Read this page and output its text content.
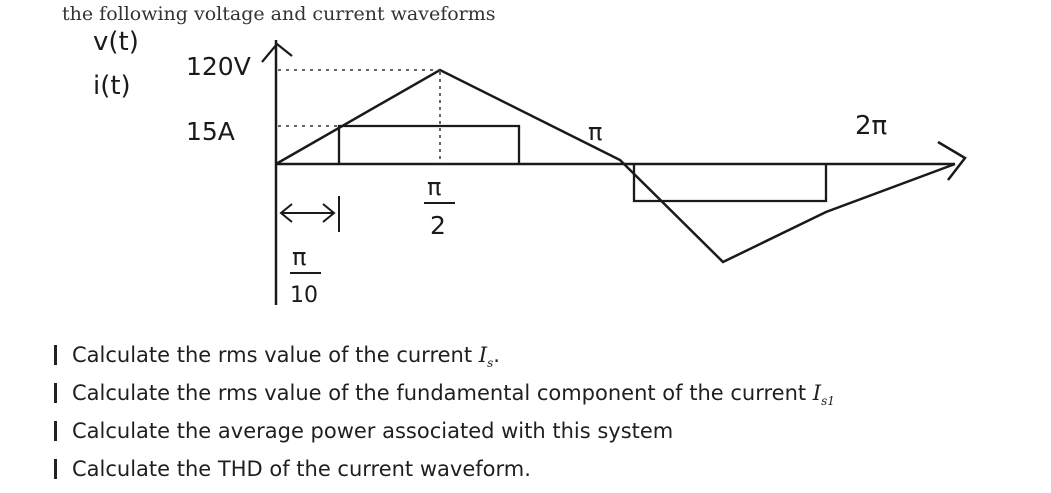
the following voltage and current waveforms
v(t)
i(t)
120V
15A
π
2
π
10
π	2π
Calculate the rms value of the current $I_s$.
Calculate the rms value of the fundamental component of the current $I_{s1}$
Calculate the average power associated with this system
Calculate the THD of the current waveform.
